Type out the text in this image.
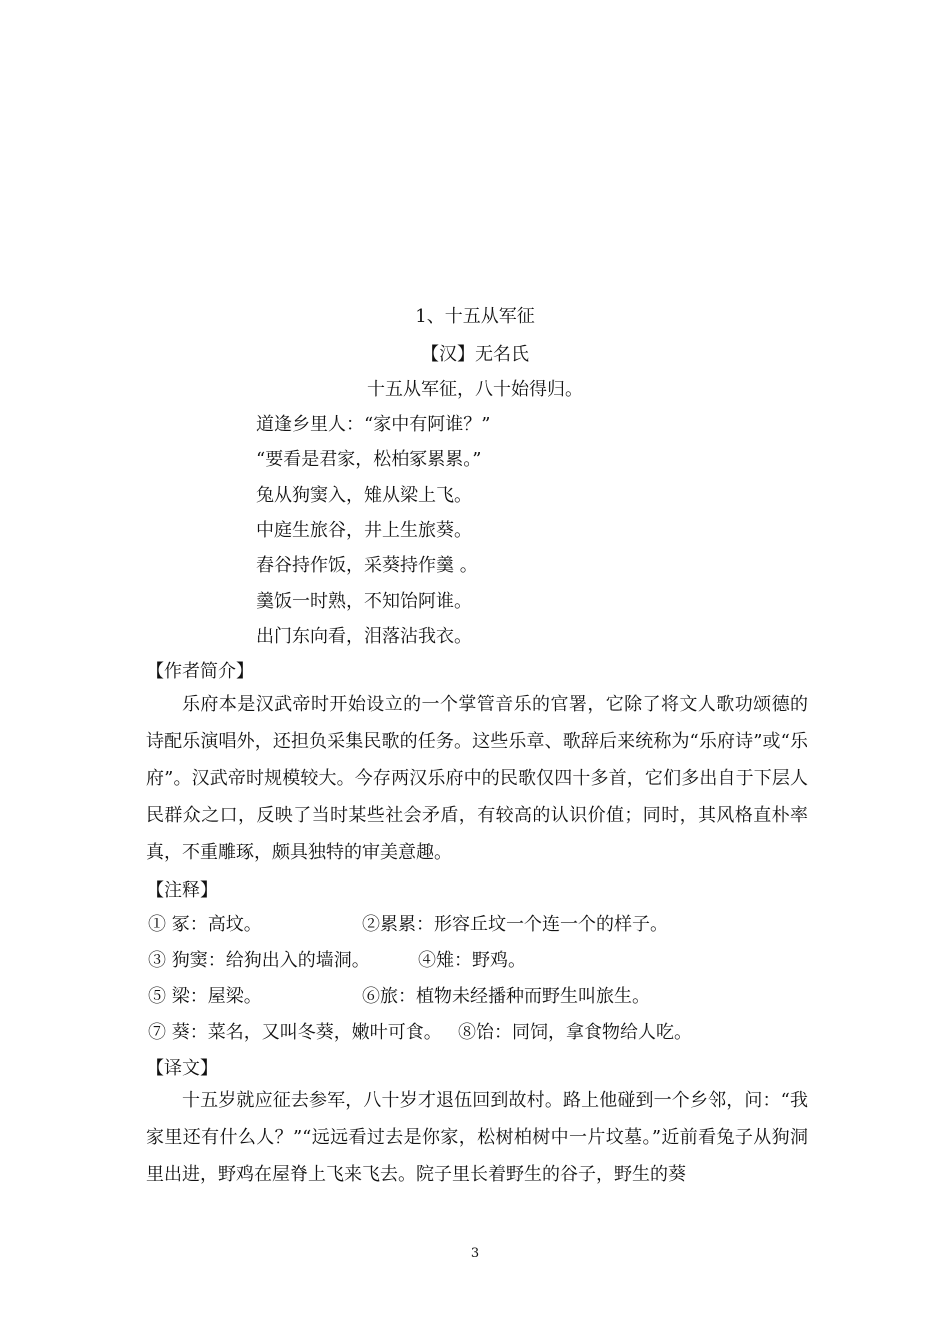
1、十五从军征
【汉】无名氏
十五从军征，八十始得归。
道逢乡里人：“家中有阿谁？”
“要看是君家，松柏冢累累。”
兔从狗窦入，雉从梁上飞。
中庭生旅谷，井上生旅葵。
舂谷持作饭，采葵持作羹 。
羹饭一时熟，不知饴阿谁。
出门东向看，泪落沾我衣。
【作者简介】
乐府本是汉武帝时开始设立的一个掌管音乐的官署，它除了将文人歌功颂德的诗配乐演唱外，还担负采集民歌的任务。这些乐章、歌辞后来统称为“乐府诗”或“乐府”。汉武帝时规模较大。今存两汉乐府中的民歌仅四十多首，它们多出自于下层人民群众之口，反映了当时某些社会矛盾，有较高的认识价值；同时，其风格直朴率真，不重雕琢，颇具独特的审美意趣。
【注释】
① 冢：高坟。	②累累：形容丘坟一个连一个的样子。
③ 狗窦：给狗出入的墙洞。	④雉：野鸡。
⑤ 梁：屋梁。	⑥旅：植物未经播种而野生叫旅生。
⑦ 葵：菜名，又叫冬葵，嫩叶可食。 ⑧饴：同饲，拿食物给人吃。
【译文】
十五岁就应征去参军，八十岁才退伍回到故村。路上他碰到一个乡邻，问：“我家里还有什么人？”“远远看过去是你家，松树柏树中一片坟墓。”近前看兔子从狗洞里出进，野鸡在屋脊上飞来飞去。院子里长着野生的谷子，野生的葵
3
